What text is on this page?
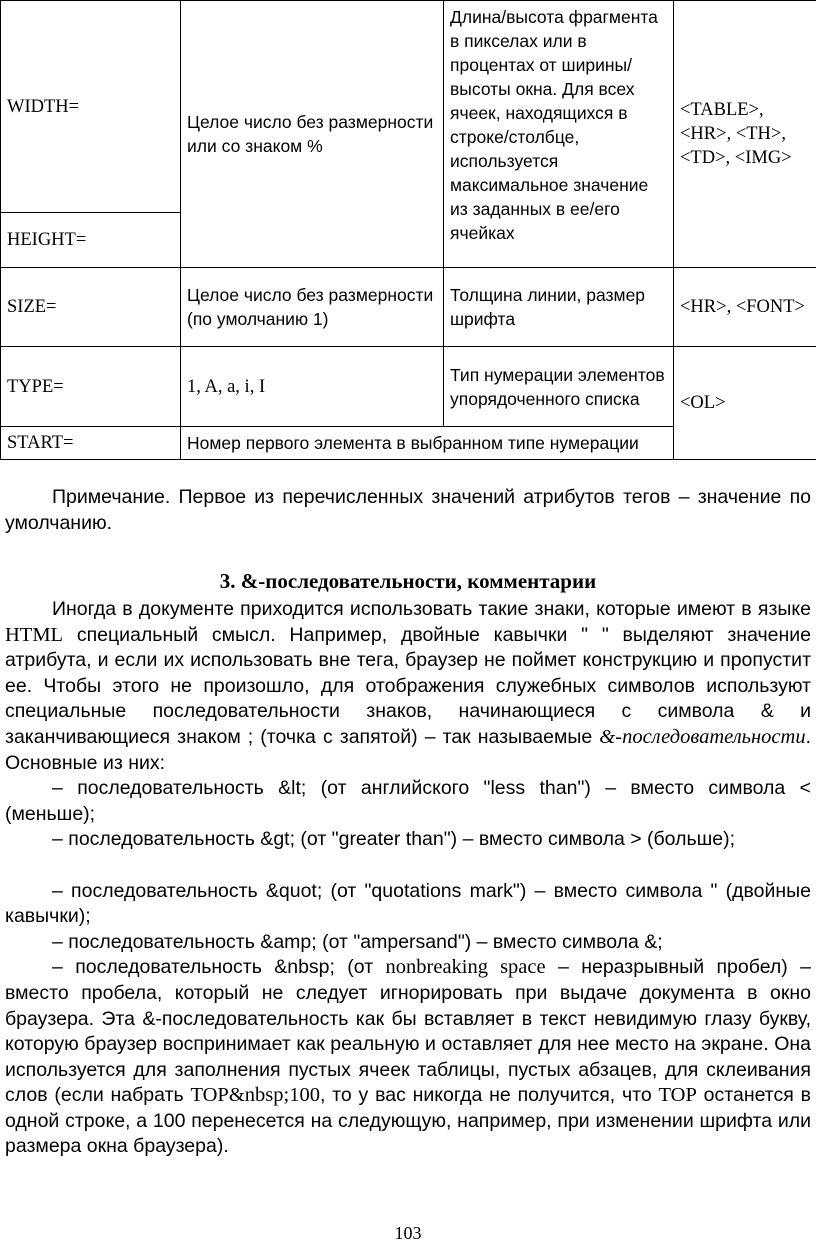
WIDTH=	Целое число без размерности или со знаком %	Длина/высота фрагмента в пикселах или в процентах от ширины/высоты окна. Для всех ячеек, находящихся в строке/столбце, используется максимальное значение из заданных в ее/его ячейках	<TABLE>, <HR>, <TH>, <TD>, <IMG>
HEIGHT=			
SIZE=	Целое число без размерности (по умолчанию 1)	Толщина линии, размер шрифта	<HR>, <FONT>
TYPE=	1, A, a, i, I	Тип нумерации элементов упорядоченного списка	<OL>
START=	Номер первого элемента в выбранном типе нумерации		

Примечание. Первое из перечисленных значений атрибутов тегов – значение по умолчанию.

3. &-последовательности, комментарии

Иногда в документе приходится использовать такие знаки, которые имеют в языке HTML специальный смысл. Например, двойные кавычки " " выделяют значение атрибута, и если их использовать вне тега, браузер не поймет конструкцию и пропустит ее. Чтобы этого не произошло, для отображения служебных символов используют специальные последовательности знаков, начинающиеся с символа & и заканчивающиеся знаком ; (точка с запятой) – так называемые &-последовательности. Основные из них:

– последовательность &lt; (от английского "less than") – вместо символа < (меньше);

– последовательность &gt; (от "greater than") – вместо символа > (больше);

– последовательность &quot; (от "quotations mark") – вместо символа " (двойные кавычки);

– последовательность &amp; (от "ampersand") – вместо символа &;

– последовательность &nbsp; (от nonbreaking space – неразрывный пробел) – вместо пробела, который не следует игнорировать при выдаче документа в окно браузера. Эта &-последовательность как бы вставляет в текст невидимую глазу букву, которую браузер воспринимает как реальную и оставляет для нее место на экране. Она используется для заполнения пустых ячеек таблицы, пустых абзацев, для склеивания слов (если набрать TOP&nbsp;100, то у вас никогда не получится, что TOP останется в одной строке, а 100 перенесется на следующую, например, при изменении шрифта или размера окна браузера).

103
